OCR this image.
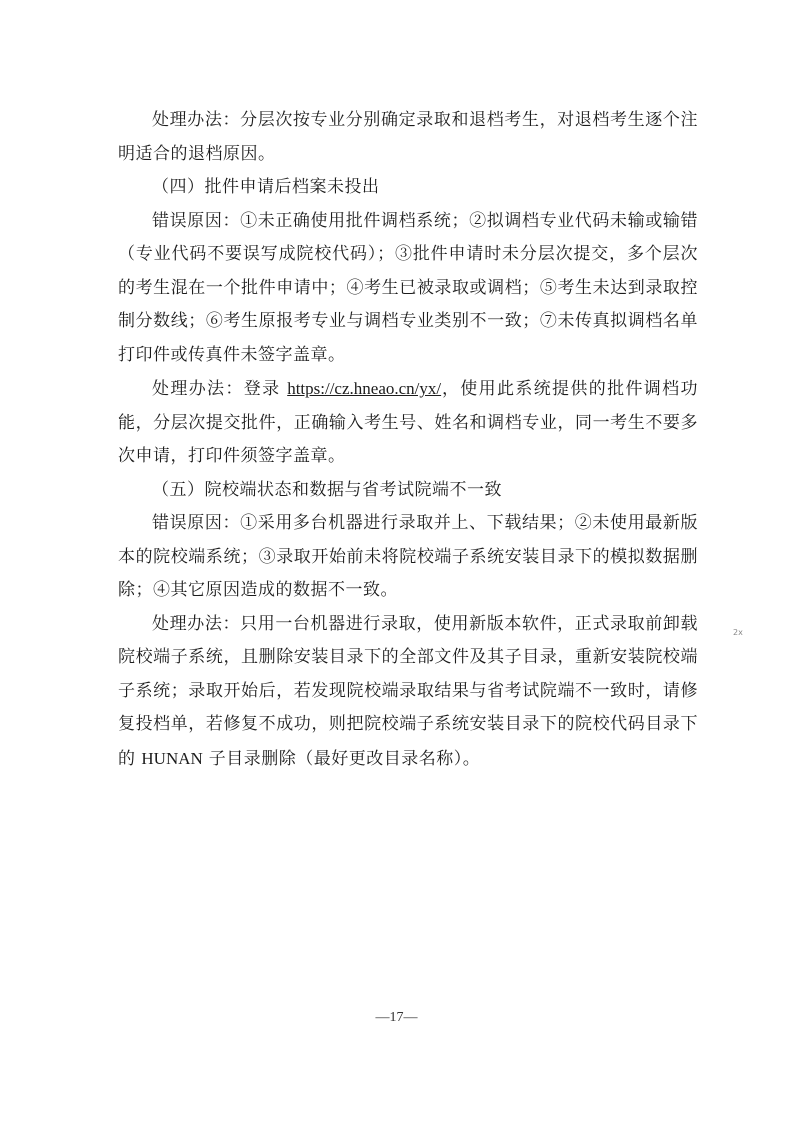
处理办法：分层次按专业分别确定录取和退档考生，对退档考生逐个注明适合的退档原因。

（四）批件申请后档案未投出

错误原因：①未正确使用批件调档系统；②拟调档专业代码未输或输错（专业代码不要误写成院校代码）；③批件申请时未分层次提交，多个层次的考生混在一个批件申请中；④考生已被录取或调档；⑤考生未达到录取控制分数线；⑥考生原报考专业与调档专业类别不一致；⑦未传真拟调档名单打印件或传真件未签字盖章。

处理办法：登录 https://cz.hneao.cn/yx/，使用此系统提供的批件调档功能，分层次提交批件，正确输入考生号、姓名和调档专业，同一考生不要多次申请，打印件须签字盖章。

（五）院校端状态和数据与省考试院端不一致

错误原因：①采用多台机器进行录取并上、下载结果；②未使用最新版本的院校端系统；③录取开始前未将院校端子系统安装目录下的模拟数据删除；④其它原因造成的数据不一致。

处理办法：只用一台机器进行录取，使用新版本软件，正式录取前卸载院校端子系统，且删除安装目录下的全部文件及其子目录，重新安装院校端子系统；录取开始后，若发现院校端录取结果与省考试院端不一致时，请修复投档单，若修复不成功，则把院校端子系统安装目录下的院校代码目录下的 HUNAN 子目录删除（最好更改目录名称）。

2x
—17—
